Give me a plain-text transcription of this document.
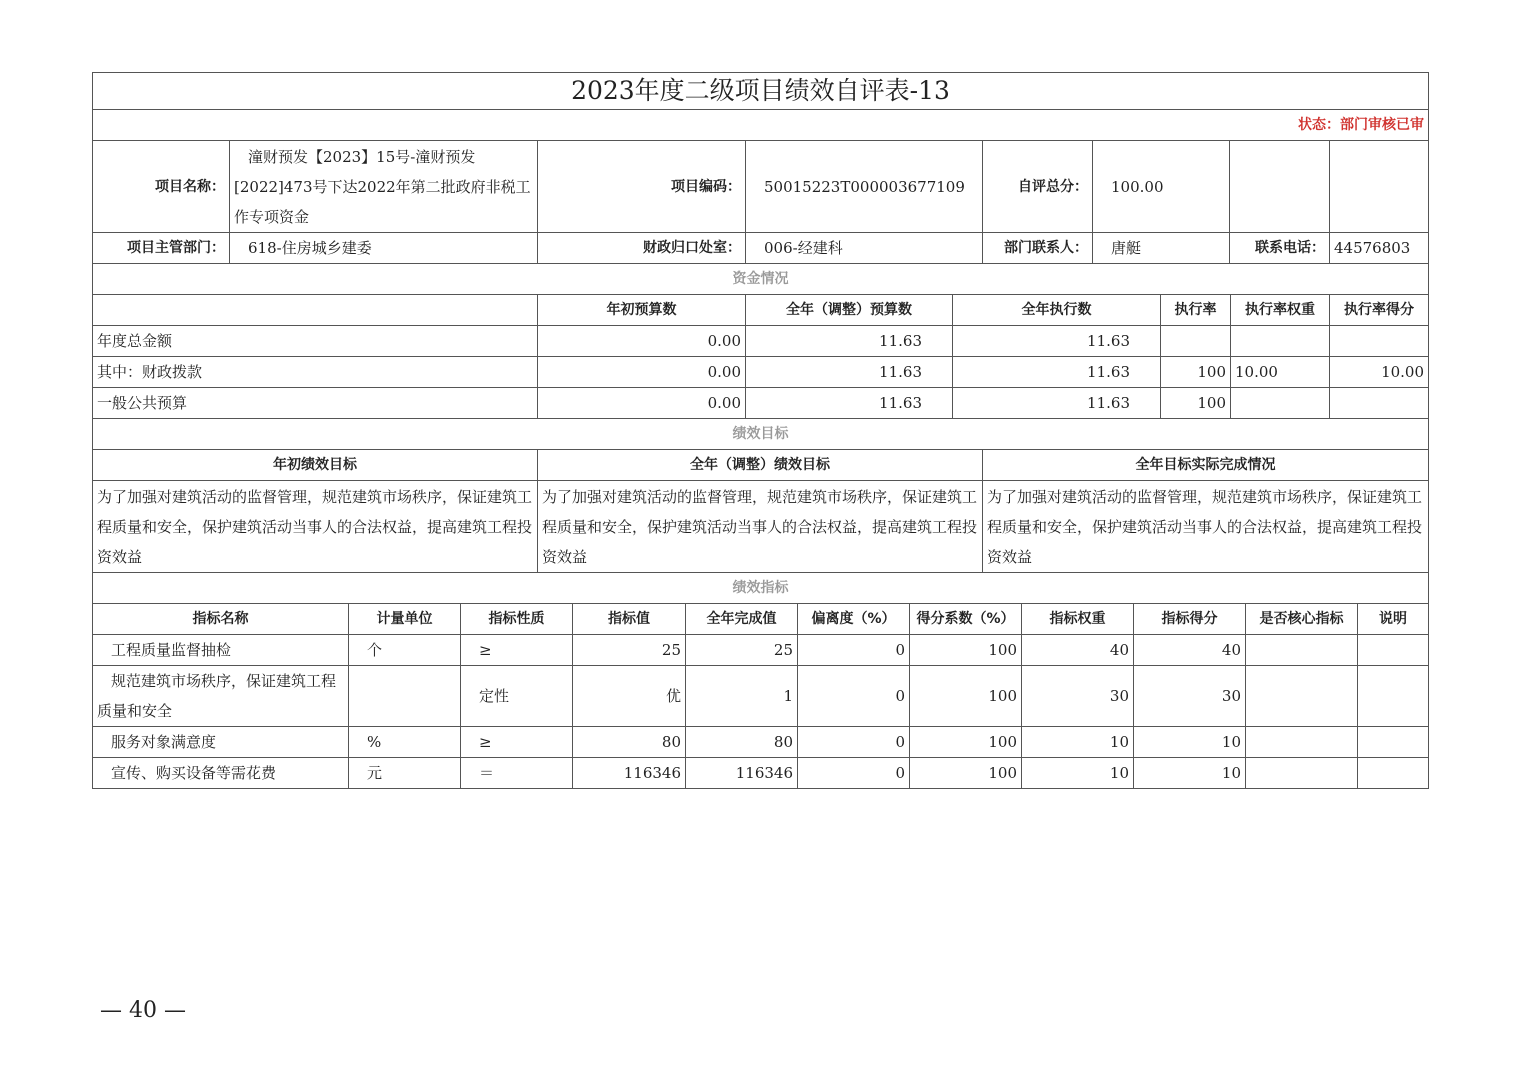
2023年度二级项目绩效自评表-13							
状态：部门审核已审							
项目名称：	潼财预发【2023】15号-潼财预发[2022]473号下达2022年第二批政府非税工作专项资金	项目编码：	50015223T000003677109	自评总分：	100.00		
项目主管部门：	618-住房城乡建委	财政归口处室：	006-经建科	部门联系人：	唐艇	联系电话：	44576803
资金情况						
	年初预算数	全年（调整）预算数	全年执行数	执行率	执行率权重	执行率得分
年度总金额	0.00	11.63	11.63			
其中：财政拨款	0.00	11.63	11.63	100	10.00	10.00
一般公共预算	0.00	11.63	11.63	100		
绩效目标		
年初绩效目标	全年（调整）绩效目标	全年目标实际完成情况
为了加强对建筑活动的监督管理，规范建筑市场秩序，保证建筑工程质量和安全，保护建筑活动当事人的合法权益，提高建筑工程投资效益	为了加强对建筑活动的监督管理，规范建筑市场秩序，保证建筑工程质量和安全，保护建筑活动当事人的合法权益，提高建筑工程投资效益	为了加强对建筑活动的监督管理，规范建筑市场秩序，保证建筑工程质量和安全，保护建筑活动当事人的合法权益，提高建筑工程投资效益
绩效指标										
指标名称	计量单位	指标性质	指标值	全年完成值	偏离度（%）	得分系数（%）	指标权重	指标得分	是否核心指标	说明
工程质量监督抽检	个	≥	25	25	0	100	40	40		
规范建筑市场秩序，保证建筑工程质量和安全		定性	优	1	0	100	30	30		
服务对象满意度	%	≥	80	80	0	100	10	10		
宣传、购买设备等需花费	元	＝	116346	116346	0	100	10	10		
— 40 —
